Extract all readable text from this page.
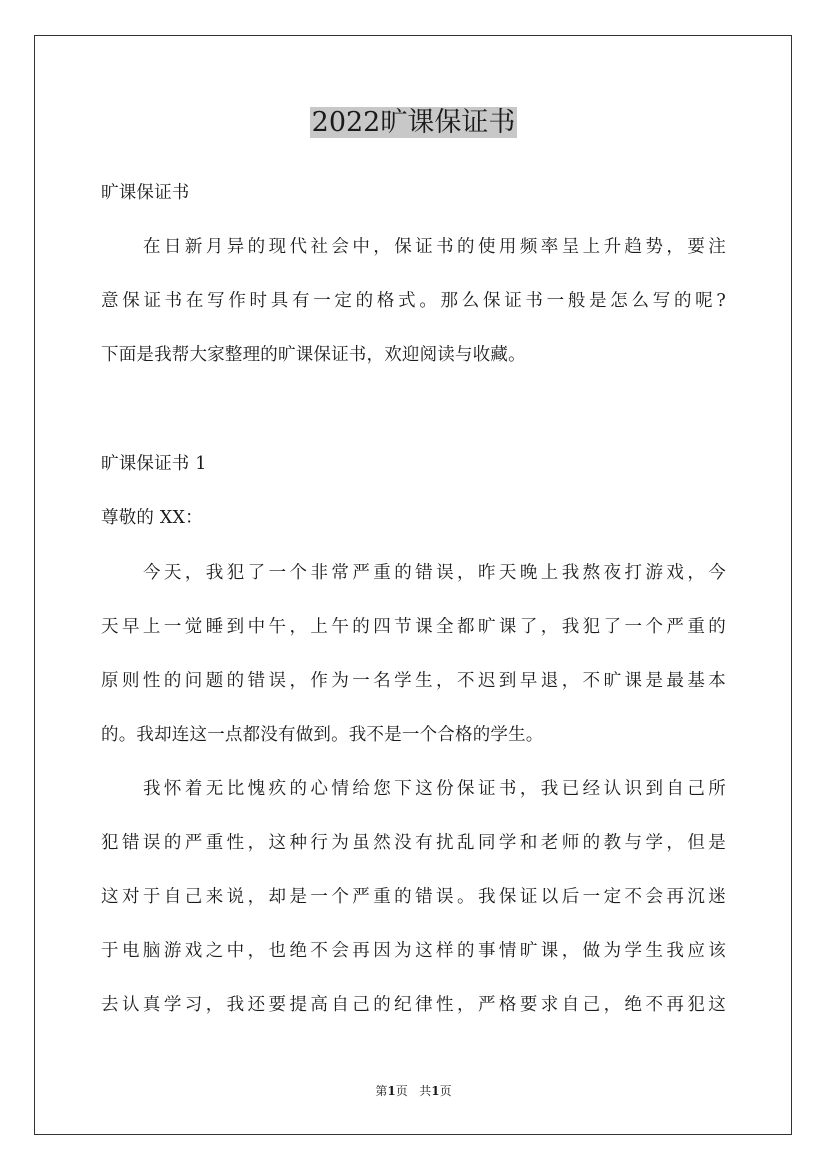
2022旷课保证书
旷课保证书
在日新月异的现代社会中，保证书的使用频率呈上升趋势，要注
意保证书在写作时具有一定的格式。那么保证书一般是怎么写的呢?
下面是我帮大家整理的旷课保证书，欢迎阅读与收藏。
旷课保证书 1
尊敬的 XX：
今天，我犯了一个非常严重的错误，昨天晚上我熬夜打游戏，今
天早上一觉睡到中午，上午的四节课全都旷课了，我犯了一个严重的
原则性的问题的错误，作为一名学生，不迟到早退，不旷课是最基本
的。我却连这一点都没有做到。我不是一个合格的学生。
我怀着无比愧疚的心情给您下这份保证书，我已经认识到自己所
犯错误的严重性，这种行为虽然没有扰乱同学和老师的教与学，但是
这对于自己来说，却是一个严重的错误。我保证以后一定不会再沉迷
于电脑游戏之中，也绝不会再因为这样的事情旷课，做为学生我应该
去认真学习，我还要提高自己的纪律性，严格要求自己，绝不再犯这
第1页 共1页
